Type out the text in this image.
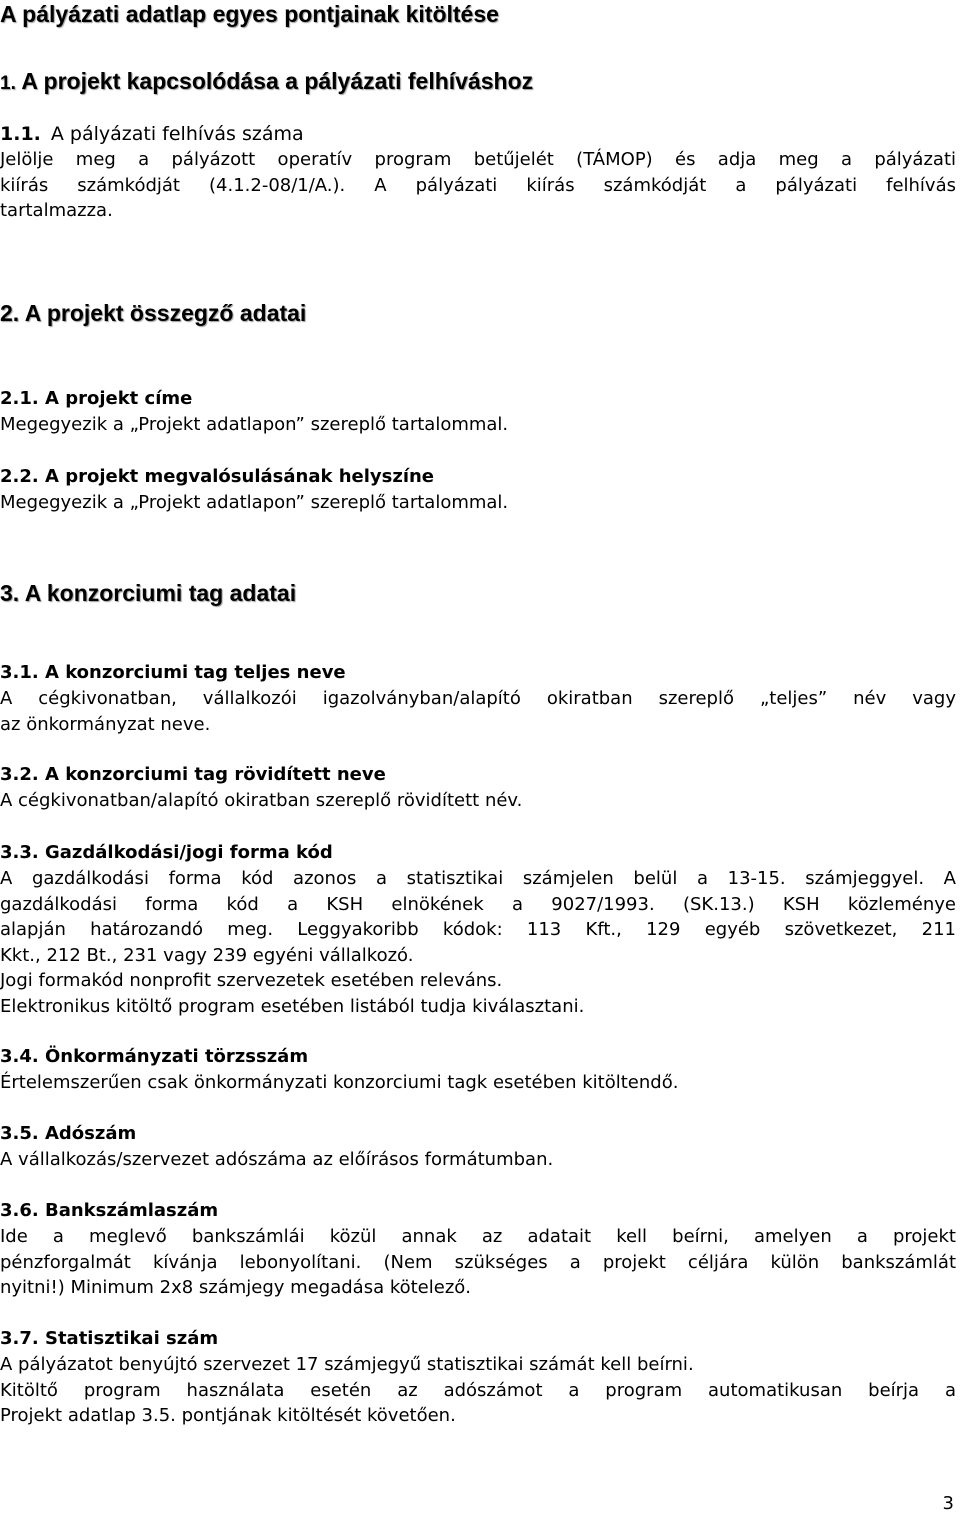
A pályázati adatlap egyes pontjainak kitöltése
1. A projekt kapcsolódása a pályázati felhíváshoz
1.1. A pályázati felhívás száma
Jelölje meg a pályázott operatív program betűjelét (TÁMOP) és adja meg a pályázati
kiírás számkódját (4.1.2-08/1/A.). A pályázati kiírás számkódját a pályázati felhívás
tartalmazza.
2. A projekt összegző adatai
2.1. A projekt címe
Megegyezik a „Projekt adatlapon” szereplő tartalommal.
2.2. A projekt megvalósulásának helyszíne
Megegyezik a „Projekt adatlapon” szereplő tartalommal.
3. A konzorciumi tag adatai
3.1. A konzorciumi tag teljes neve
A cégkivonatban, vállalkozói igazolványban/alapító okiratban szereplő „teljes” név vagy
az önkormányzat neve.
3.2. A konzorciumi tag rövidített neve
A cégkivonatban/alapító okiratban szereplő rövidített név.
3.3. Gazdálkodási/jogi forma kód
A gazdálkodási forma kód azonos a statisztikai számjelen belül a 13-15. számjeggyel. A
gazdálkodási forma kód a KSH elnökének a 9027/1993. (SK.13.) KSH közleménye
alapján határozandó meg. Leggyakoribb kódok: 113 Kft., 129 egyéb szövetkezet, 211
Kkt., 212 Bt., 231 vagy 239 egyéni vállalkozó.
Jogi formakód nonprofit szervezetek esetében releváns.
Elektronikus kitöltő program esetében listából tudja kiválasztani.
3.4. Önkormányzati törzsszám
Értelemszerűen csak önkormányzati konzorciumi tagk esetében kitöltendő.
3.5. Adószám
A vállalkozás/szervezet adószáma az előírásos formátumban.
3.6. Bankszámlaszám
Ide a meglevő bankszámlái közül annak az adatait kell beírni, amelyen a projekt
pénzforgalmát kívánja lebonyolítani. (Nem szükséges a projekt céljára külön bankszámlát
nyitni!) Minimum 2x8 számjegy megadása kötelező.
3.7. Statisztikai szám
A pályázatot benyújtó szervezet 17 számjegyű statisztikai számát kell beírni.
Kitöltő program használata esetén az adószámot a program automatikusan beírja a
Projekt adatlap 3.5. pontjának kitöltését követően.
3
